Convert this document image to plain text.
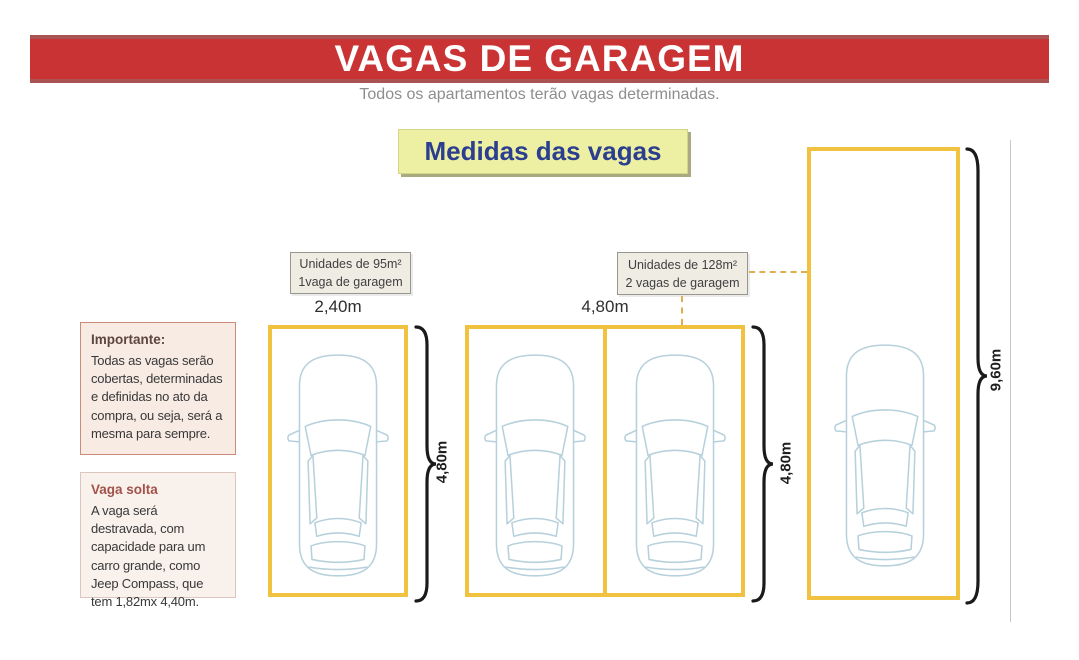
VAGAS DE GARAGEM
Todos os apartamentos terão vagas determinadas.
Medidas das vagas
Importante:
Todas as vagas serão cobertas, determinadas e definidas no ato da compra, ou seja, será a mesma para sempre.
Vaga solta
A vaga será destravada, com capacidade para um carro grande, como Jeep Compass, que tem 1,82mx 4,40m.
Unidades de 95m²
1vaga de garagem
Unidades de 128m²
2 vagas de garagem
2,40m	4,80m
4,80m	4,80m
9,60m
